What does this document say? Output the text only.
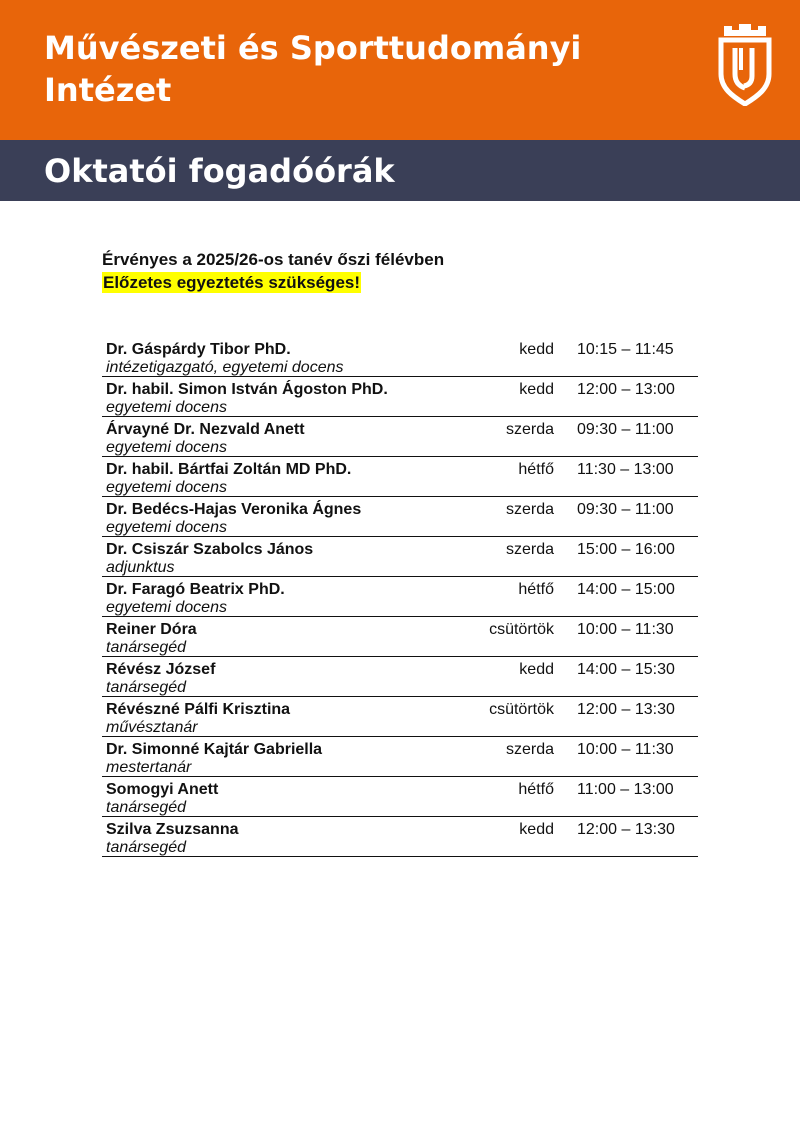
Művészeti és Sporttudományi
Intézet
Oktatói fogadóórák
Érvényes a 2025/26-os tanév őszi félévben
Előzetes egyeztetés szükséges!
Dr. Gáspárdy Tibor PhD.
intézetigazgató, egyetemi docens
kedd 10:15 – 11:45
Dr. habil. Simon István Ágoston PhD.
egyetemi docens
kedd 12:00 – 13:00
Árvayné Dr. Nezvald Anett
egyetemi docens
szerda 09:30 – 11:00
Dr. habil. Bártfai Zoltán MD PhD.
egyetemi docens
hétfő 11:30 – 13:00
Dr. Bedécs-Hajas Veronika Ágnes
egyetemi docens
szerda 09:30 – 11:00
Dr. Csiszár Szabolcs János
adjunktus
szerda 15:00 – 16:00
Dr. Faragó Beatrix PhD.
egyetemi docens
hétfő 14:00 – 15:00
Reiner Dóra
tanársegéd
csütörtök 10:00 – 11:30
Révész József
tanársegéd
kedd 14:00 – 15:30
Révészné Pálfi Krisztina
művésztanár
csütörtök 12:00 – 13:30
Dr. Simonné Kajtár Gabriella
mestertanár
szerda 10:00 – 11:30
Somogyi Anett
tanársegéd
hétfő 11:00 – 13:00
Szilva Zsuzsanna
tanársegéd
kedd 12:00 – 13:30
